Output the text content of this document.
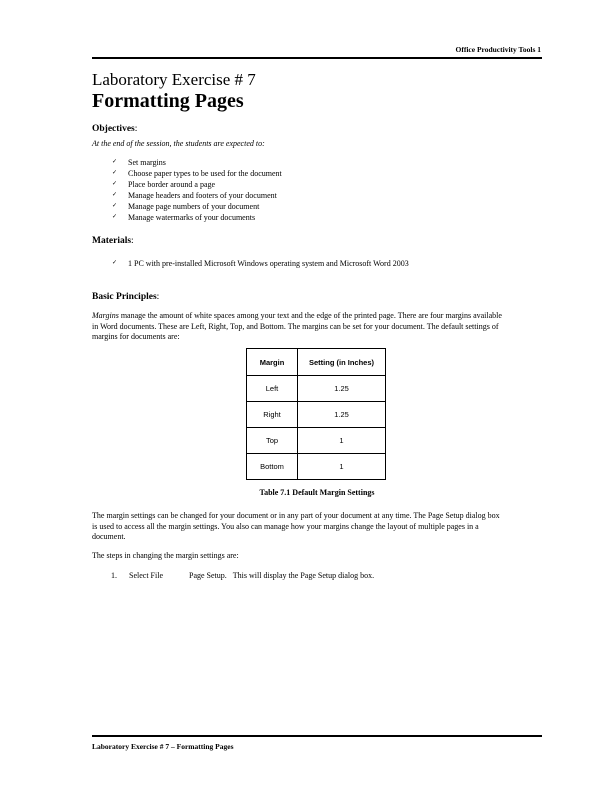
Office Productivity Tools 1
Laboratory Exercise # 7
Formatting Pages
Objectives:
At the end of the session, the students are expected to:
✓ Set margins
✓ Choose paper types to be used for the document
✓ Place border around a page
✓ Manage headers and footers of your document
✓ Manage page numbers of your document
✓ Manage watermarks of your documents
Materials:
✓ 1 PC with pre-installed Microsoft Windows operating system and Microsoft Word 2003
Basic Principles:
Margins manage the amount of white spaces among your text and the edge of the printed page. There are four margins available in Word documents. These are Left, Right, Top, and Bottom. The margins can be set for your document. The default settings of margins for documents are:
Margin	Setting (in Inches)
Left	1.25
Right	1.25
Top	1
Bottom	1
Table 7.1 Default Margin Settings
The margin settings can be changed for your document or in any part of your document at any time. The Page Setup dialog box is used to access all the margin settings. You also can manage how your margins change the layout of multiple pages in a document.
The steps in changing the margin settings are:
1. Select File	Page Setup. This will display the Page Setup dialog box.
Laboratory Exercise # 7 – Formatting Pages
